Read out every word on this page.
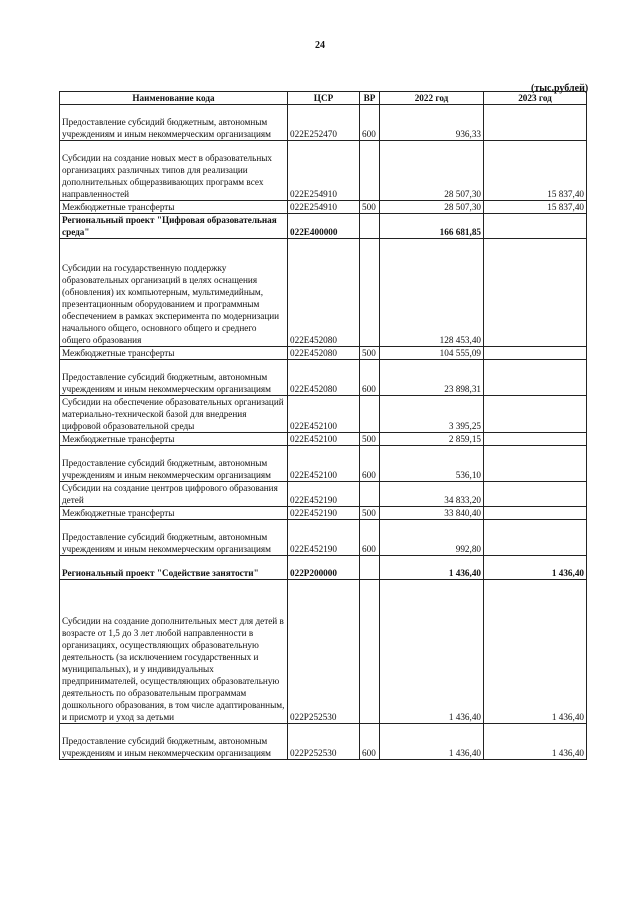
24
(тыс.рублей)
Наименование кода	ЦСР	ВР	2022 год	2023 год
Предоставление субсидий бюджетным, автономным учреждениям и иным некоммерческим организациям	022E252470	600	936,33	
Субсидии на создание новых мест в образовательных организациях различных типов для реализации дополнительных общеразвивающих программ всех направленностей	022E254910		28 507,30	15 837,40
Межбюджетные трансферты	022E254910	500	28 507,30	15 837,40
Региональный проект "Цифровая образовательная среда"	022E400000		166 681,85	
Субсидии на государственную поддержку образовательных организаций в целях оснащения (обновления) их компьютерным, мультимедийным, презентационным оборудованием и программным обеспечением в рамках эксперимента по модернизации начального общего, основного общего и среднего общего образования	022E452080		128 453,40	
Межбюджетные трансферты	022E452080	500	104 555,09	
Предоставление субсидий бюджетным, автономным учреждениям и иным некоммерческим организациям	022E452080	600	23 898,31	
Субсидии на обеспечение образовательных организаций материально-технической базой для внедрения цифровой образовательной среды	022E452100		3 395,25	
Межбюджетные трансферты	022E452100	500	2 859,15	
Предоставление субсидий бюджетным, автономным учреждениям и иным некоммерческим организациям	022E452100	600	536,10	
Субсидии на создание центров цифрового образования детей	022E452190		34 833,20	
Межбюджетные трансферты	022E452190	500	33 840,40	
Предоставление субсидий бюджетным, автономным учреждениям и иным некоммерческим организациям	022E452190	600	992,80	
Региональный проект "Содействие занятости"	022P200000		1 436,40	1 436,40
Субсидии на создание дополнительных мест для детей в возрасте от 1,5 до 3 лет любой направленности в организациях, осуществляющих образовательную деятельность (за исключением государственных и муниципальных), и у индивидуальных предпринимателей, осуществляющих образовательную деятельность по образовательным программам дошкольного образования, в том числе адаптированным, и присмотр и уход за детьми	022P252530		1 436,40	1 436,40
Предоставление субсидий бюджетным, автономным учреждениям и иным некоммерческим организациям	022P252530	600	1 436,40	1 436,40
